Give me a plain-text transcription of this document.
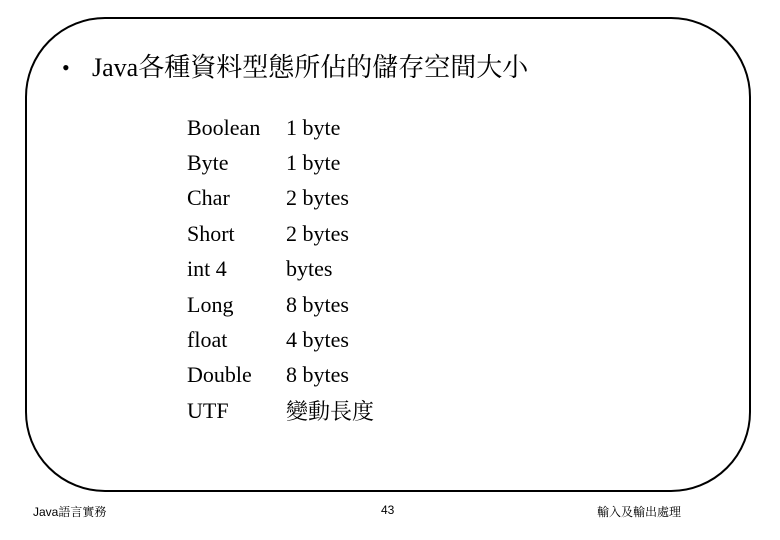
• Java各種資料型態所佔的儲存空間大小
Boolean	1 byte
Byte	1 byte
Char	2 bytes
Short	2 bytes
int 4	bytes
Long	8 bytes
float	4 bytes
Double	8 bytes
UTF	變動長度
Java語言實務	43	輸入及輸出處理
